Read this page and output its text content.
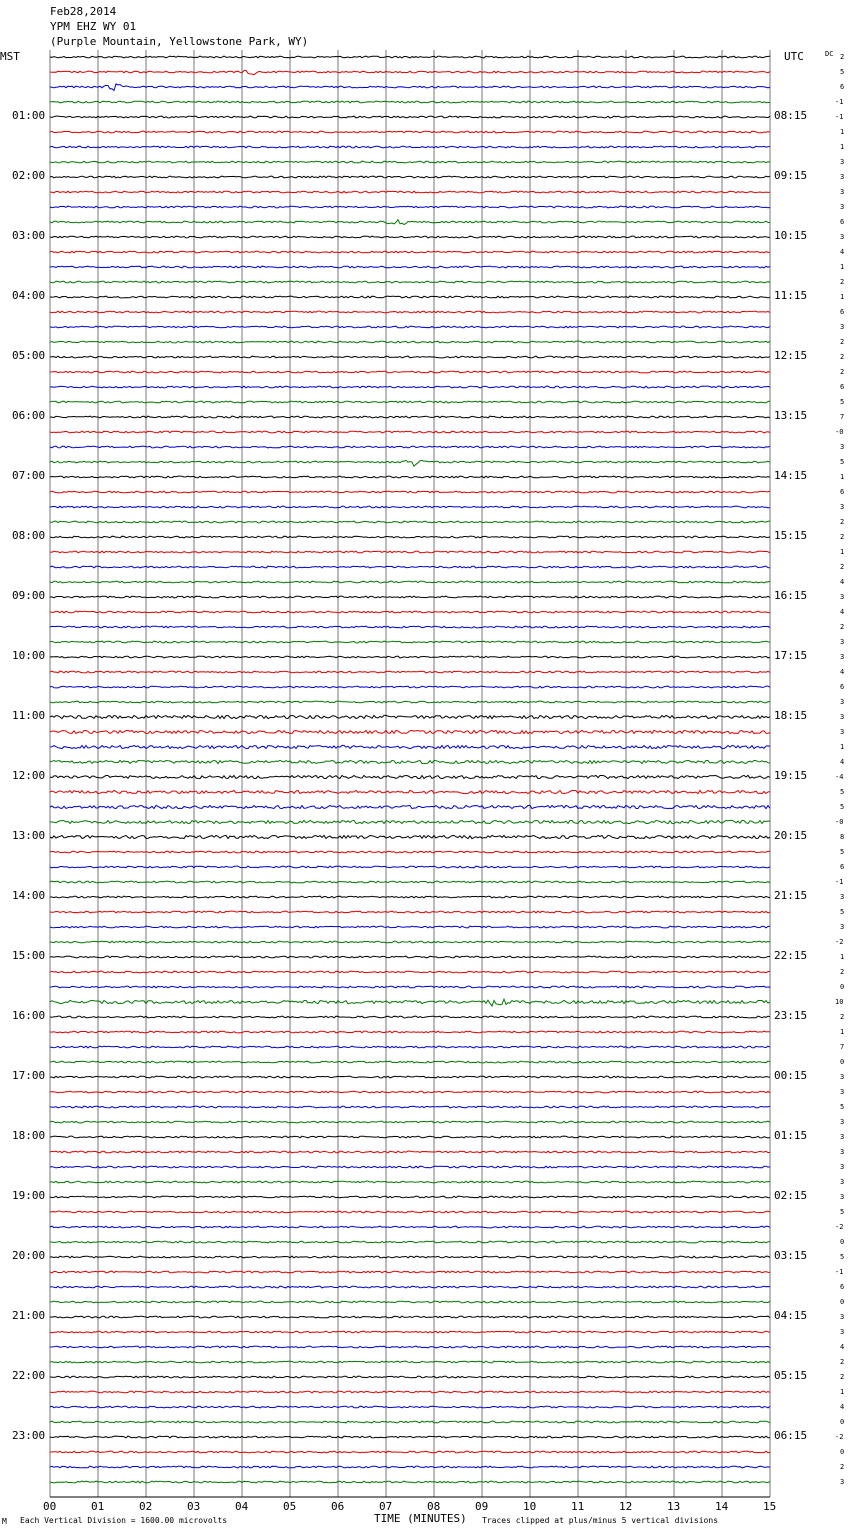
Feb28,2014
YPM EHZ WY 01
(Purple Mountain, Yellowstone Park, WY)
MST	UTC	DC
01:00
02:00
03:00
04:00
05:00
06:00
07:00
08:00
09:00
10:00
11:00
12:00
13:00
14:00
15:00
16:00
17:00
18:00
19:00
20:00
21:00
22:00
23:00
08:15
09:15
10:15
11:15
12:15
13:15
14:15
15:15
16:15
17:15
18:15
19:15
20:15
21:15
22:15
23:15
00:15
01:15
02:15
03:15
04:15
05:15
06:15
2
5
6
-1
-1
1
1
3
3
3
3
6
3
4
1
2
1
6
3
2
2
2
6
5
7
-0
3
5
1
6
3
2
2
1
2
4
3
4
2
3
3
4
6
3
3
3
1
4
-4
5
5
-0
8
5
6
-1
3
5
3
-2
1
2
0
10
2
1
7
0
3
3
5
3
3
3
3
3
3
5
-2
0
5
-1
6
0
3
3
4
2
2
1
4
0
-2
0
2
3
00	01	02	03	04	05	06	07	08	09	10	11	12	13	14	15
M Each Vertical Division = 1600.00 microvolts	TIME (MINUTES) Traces clipped at plus/minus 5 vertical divisions
